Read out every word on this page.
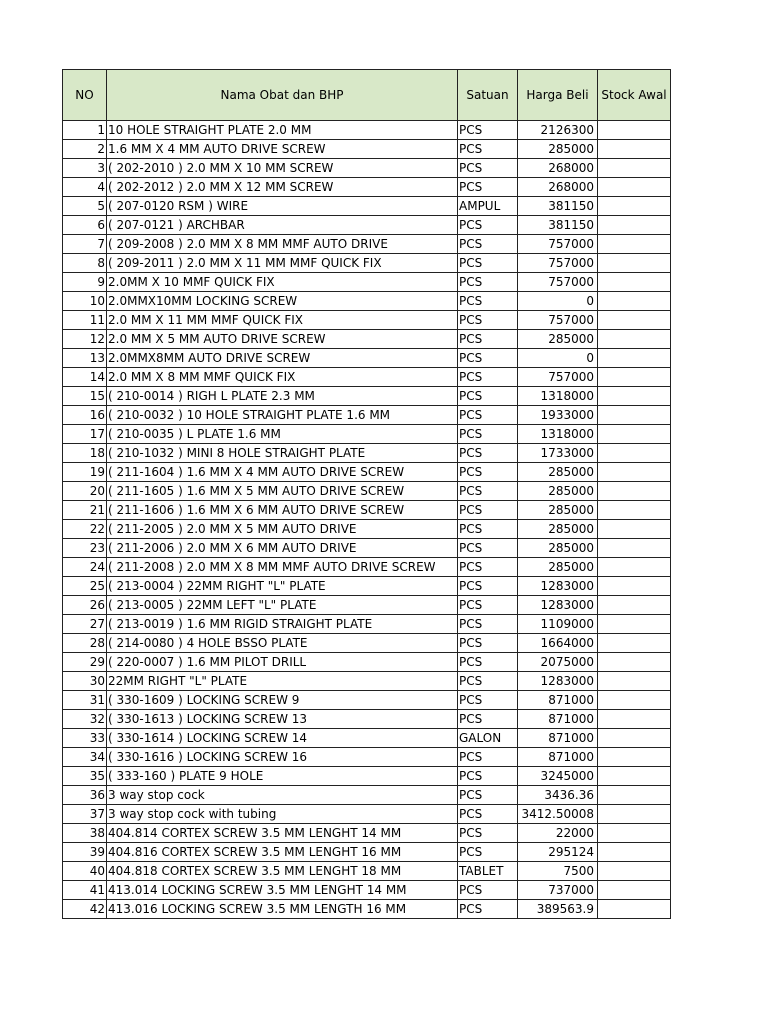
NO	Nama Obat dan BHP	Satuan	Harga Beli	Stock Awal
1	10 HOLE STRAIGHT PLATE 2.0 MM	PCS	2126300	
2	1.6 MM X 4 MM AUTO DRIVE SCREW	PCS	285000	
3	( 202-2010 ) 2.0 MM X 10 MM SCREW	PCS	268000	
4	( 202-2012 ) 2.0 MM X 12 MM SCREW	PCS	268000	
5	( 207-0120 RSM ) WIRE	AMPUL	381150	
6	( 207-0121 ) ARCHBAR	PCS	381150	
7	( 209-2008 ) 2.0 MM X 8 MM MMF AUTO DRIVE	PCS	757000	
8	( 209-2011 ) 2.0 MM X 11 MM MMF QUICK FIX	PCS	757000	
9	2.0MM X 10 MMF QUICK FIX	PCS	757000	
10	2.0MMX10MM LOCKING SCREW	PCS	0	
11	2.0 MM X 11 MM MMF QUICK FIX	PCS	757000	
12	2.0 MM X 5 MM AUTO DRIVE SCREW	PCS	285000	
13	2.0MMX8MM AUTO DRIVE SCREW	PCS	0	
14	2.0 MM X 8 MM MMF QUICK FIX	PCS	757000	
15	( 210-0014 ) RIGH L PLATE 2.3 MM	PCS	1318000	
16	( 210-0032 ) 10 HOLE STRAIGHT PLATE 1.6 MM	PCS	1933000	
17	( 210-0035 ) L PLATE 1.6 MM	PCS	1318000	
18	( 210-1032 ) MINI 8 HOLE STRAIGHT PLATE	PCS	1733000	
19	( 211-1604 ) 1.6 MM X 4 MM AUTO DRIVE SCREW	PCS	285000	
20	( 211-1605 ) 1.6 MM X 5 MM AUTO DRIVE SCREW	PCS	285000	
21	( 211-1606 ) 1.6 MM X 6 MM AUTO DRIVE SCREW	PCS	285000	
22	( 211-2005 ) 2.0 MM X 5 MM AUTO DRIVE	PCS	285000	
23	( 211-2006 ) 2.0 MM X 6 MM AUTO DRIVE	PCS	285000	
24	( 211-2008 ) 2.0 MM X 8 MM MMF AUTO DRIVE SCREW	PCS	285000	
25	( 213-0004 ) 22MM RIGHT "L" PLATE	PCS	1283000	
26	( 213-0005 ) 22MM LEFT "L" PLATE	PCS	1283000	
27	( 213-0019 ) 1.6 MM RIGID STRAIGHT PLATE	PCS	1109000	
28	( 214-0080 ) 4 HOLE BSSO PLATE	PCS	1664000	
29	( 220-0007 ) 1.6 MM PILOT DRILL	PCS	2075000	
30	22MM RIGHT "L" PLATE	PCS	1283000	
31	( 330-1609 ) LOCKING SCREW 9	PCS	871000	
32	( 330-1613 ) LOCKING SCREW 13	PCS	871000	
33	( 330-1614 ) LOCKING SCREW 14	GALON	871000	
34	( 330-1616 ) LOCKING SCREW 16	PCS	871000	
35	( 333-160 ) PLATE 9 HOLE	PCS	3245000	
36	3 way stop cock	PCS	3436.36	
37	3 way stop cock with tubing	PCS	3412.50008	
38	404.814 CORTEX SCREW 3.5 MM LENGHT 14 MM	PCS	22000	
39	404.816 CORTEX SCREW 3.5 MM LENGHT 16 MM	PCS	295124	
40	404.818 CORTEX SCREW 3.5 MM LENGHT 18 MM	TABLET	7500	
41	413.014 LOCKING SCREW 3.5 MM LENGHT 14 MM	PCS	737000	
42	413.016 LOCKING SCREW 3.5 MM LENGTH 16 MM	PCS	389563.9	
